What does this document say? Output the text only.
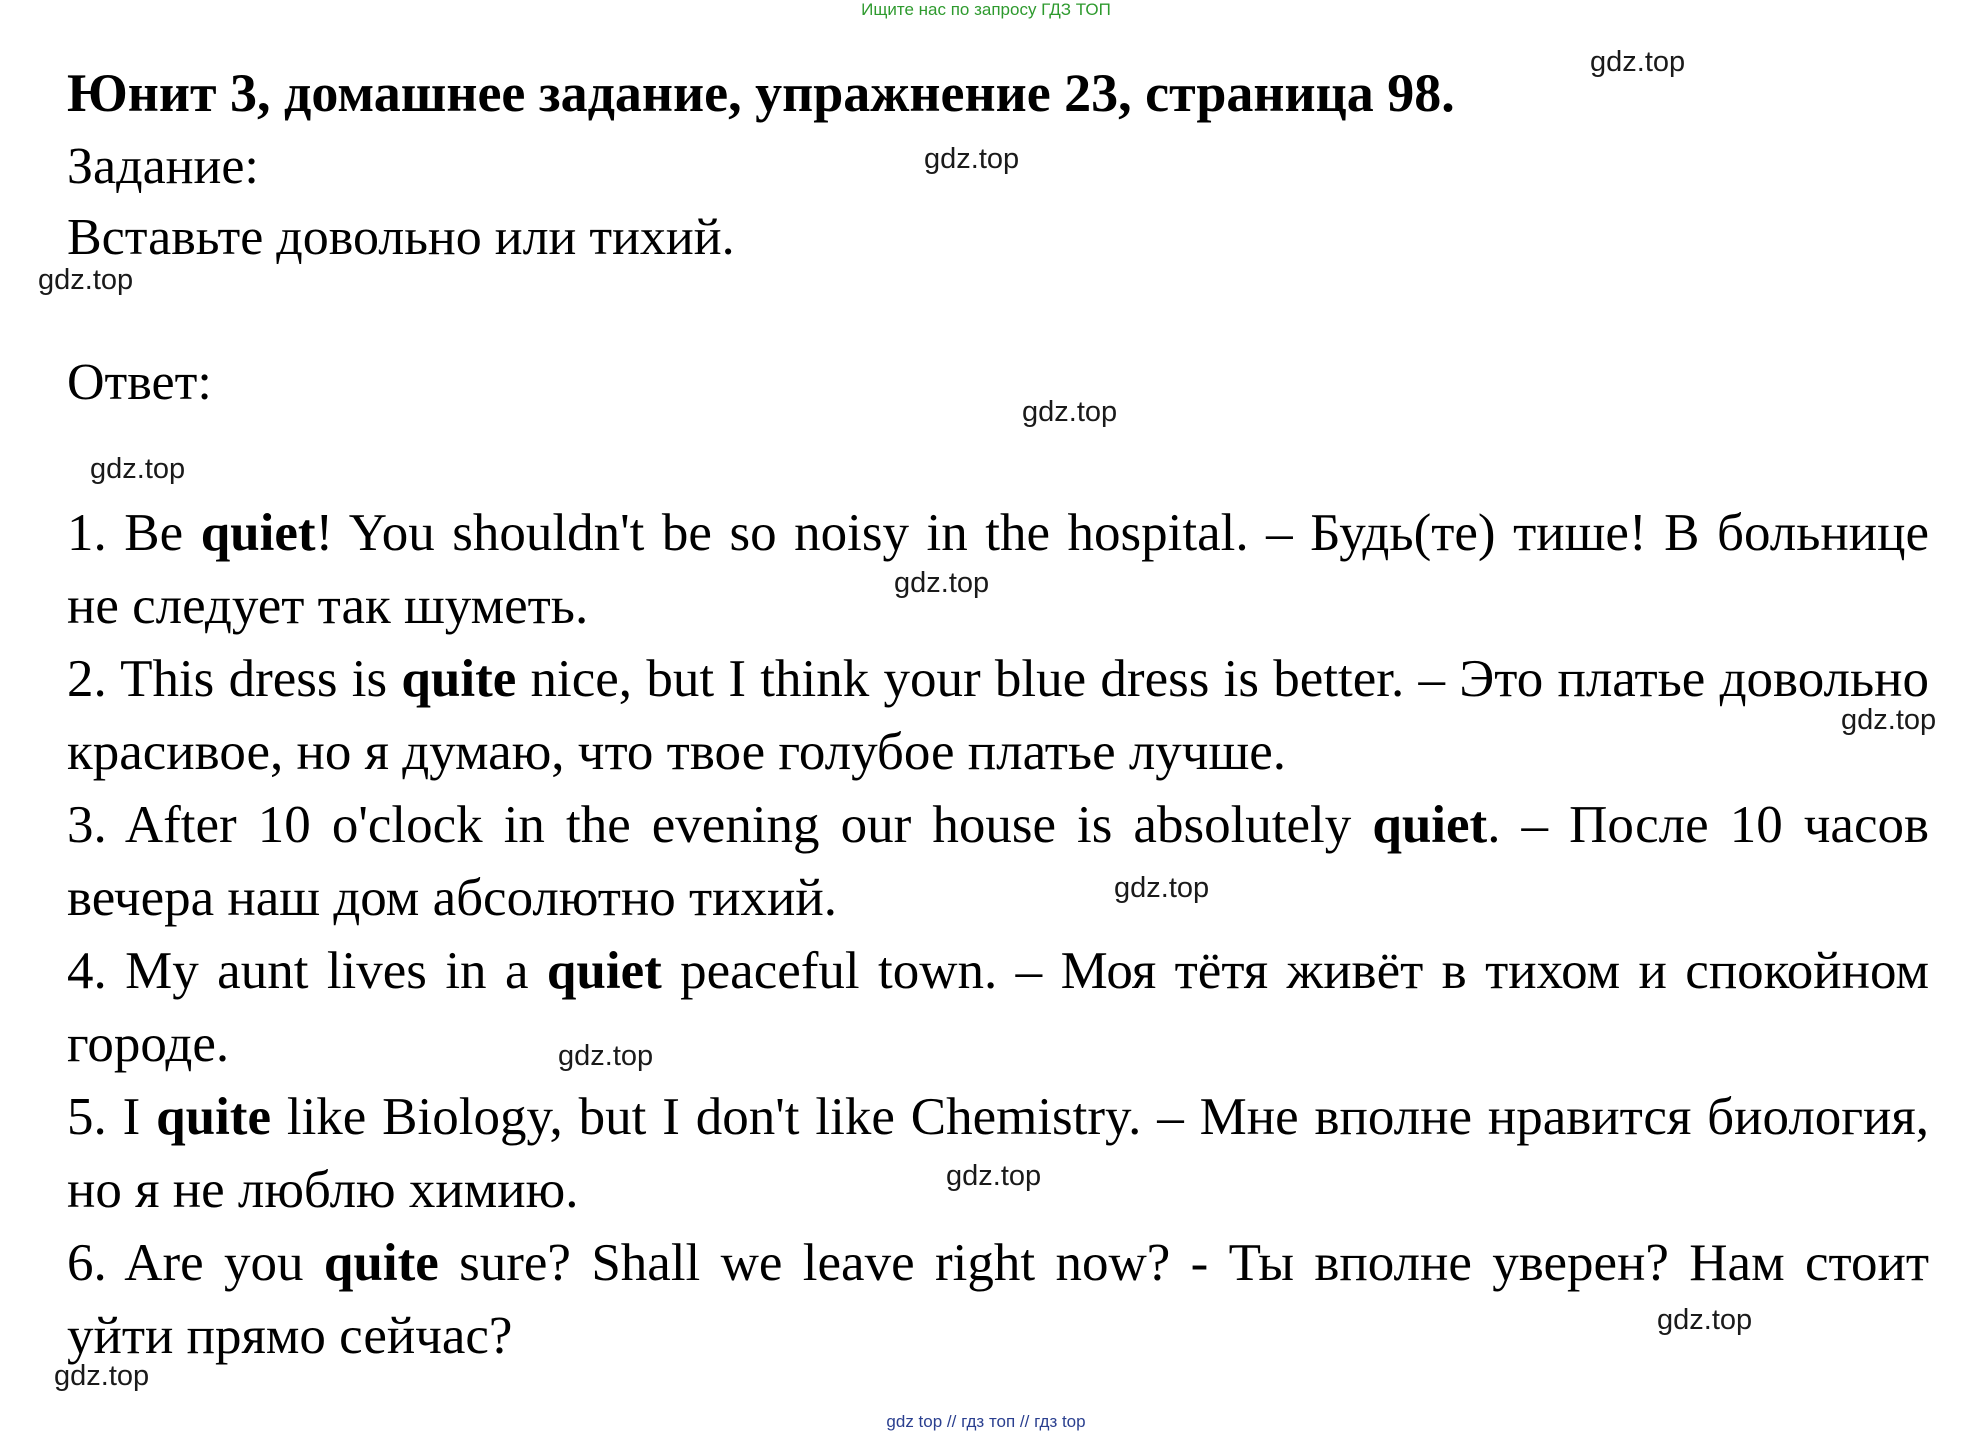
Ищите нас по запросу ГДЗ ТОП
Юнит 3, домашнее задание, упражнение 23, страница 98.
Задание:
Вставьте довольно или тихий.
Ответ:
1. Be quiet! You shouldn't be so noisy in the hospital. – Будь(те) тише! В больнице не следует так шуметь.
2. This dress is quite nice, but I think your blue dress is better. – Это платье довольно красивое, но я думаю, что твое голубое платье лучше.
3. After 10 o'clock in the evening our house is absolutely quiet. – После 10 часов вечера наш дом абсолютно тихий.
4. My aunt lives in a quiet peaceful town. – Моя тётя живёт в тихом и спокойном городе.
5. I quite like Biology, but I don't like Chemistry. – Мне вполне нравится биология, но я не люблю химию.
6. Are you quite sure? Shall we leave right now? - Ты вполне уверен? Нам стоит уйти прямо сейчас?
gdz.top
gdz.top
gdz.top
gdz.top
gdz.top
gdz.top
gdz.top
gdz.top
gdz.top
gdz.top
gdz.top
gdz.top
gdz top // гдз топ // гдз top
